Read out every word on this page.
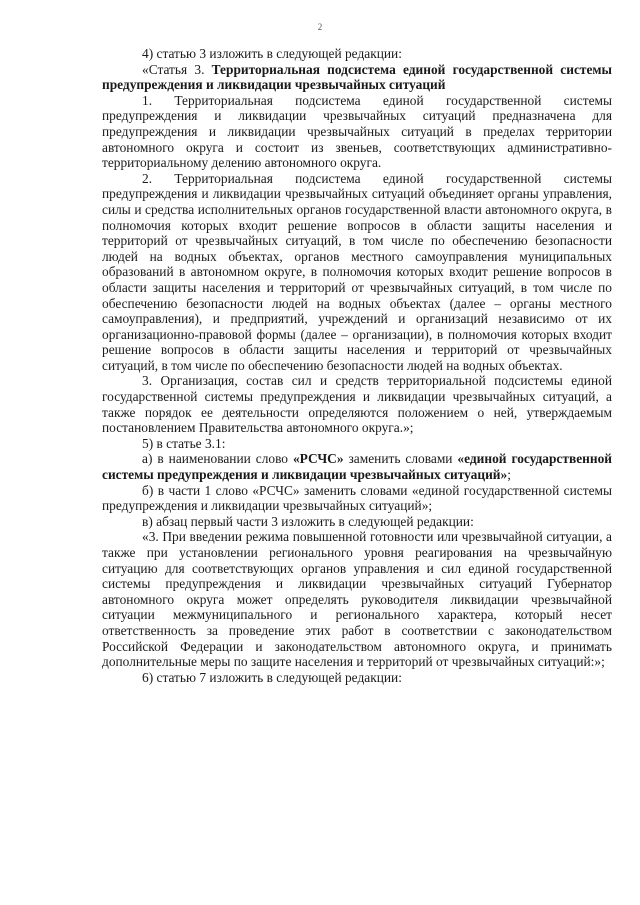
2

4) статью 3 изложить в следующей редакции:

«Статья 3. Территориальная подсистема единой государственной системы предупреждения и ликвидации чрезвычайных ситуаций

1. Территориальная подсистема единой государственной системы предупреждения и ликвидации чрезвычайных ситуаций предназначена для предупреждения и ликвидации чрезвычайных ситуаций в пределах территории автономного округа и состоит из звеньев, соответствующих административно-территориальному делению автономного округа.

2. Территориальная подсистема единой государственной системы предупреждения и ликвидации чрезвычайных ситуаций объединяет органы управления, силы и средства исполнительных органов государственной власти автономного округа, в полномочия которых входит решение вопросов в области защиты населения и территорий от чрезвычайных ситуаций, в том числе по обеспечению безопасности людей на водных объектах, органов местного самоуправления муниципальных образований в автономном округе, в полномочия которых входит решение вопросов в области защиты населения и территорий от чрезвычайных ситуаций, в том числе по обеспечению безопасности людей на водных объектах (далее – органы местного самоуправления), и предприятий, учреждений и организаций независимо от их организационно-правовой формы (далее – организации), в полномочия которых входит решение вопросов в области защиты населения и территорий от чрезвычайных ситуаций, в том числе по обеспечению безопасности людей на водных объектах.

3. Организация, состав сил и средств территориальной подсистемы единой государственной системы предупреждения и ликвидации чрезвычайных ситуаций, а также порядок ее деятельности определяются положением о ней, утверждаемым постановлением Правительства автономного округа.»;

5) в статье 3.1:

а) в наименовании слово «РСЧС» заменить словами «единой государственной системы предупреждения и ликвидации чрезвычайных ситуаций»;

б) в части 1 слово «РСЧС» заменить словами «единой государственной системы предупреждения и ликвидации чрезвычайных ситуаций»;

в) абзац первый части 3 изложить в следующей редакции:

«3. При введении режима повышенной готовности или чрезвычайной ситуации, а также при установлении регионального уровня реагирования на чрезвычайную ситуацию для соответствующих органов управления и сил единой государственной системы предупреждения и ликвидации чрезвычайных ситуаций Губернатор автономного округа может определять руководителя ликвидации чрезвычайной ситуации межмуниципального и регионального характера, который несет ответственность за проведение этих работ в соответствии с законодательством Российской Федерации и законодательством автономного округа, и принимать дополнительные меры по защите населения и территорий от чрезвычайных ситуаций:»;

6) статью 7 изложить в следующей редакции:
